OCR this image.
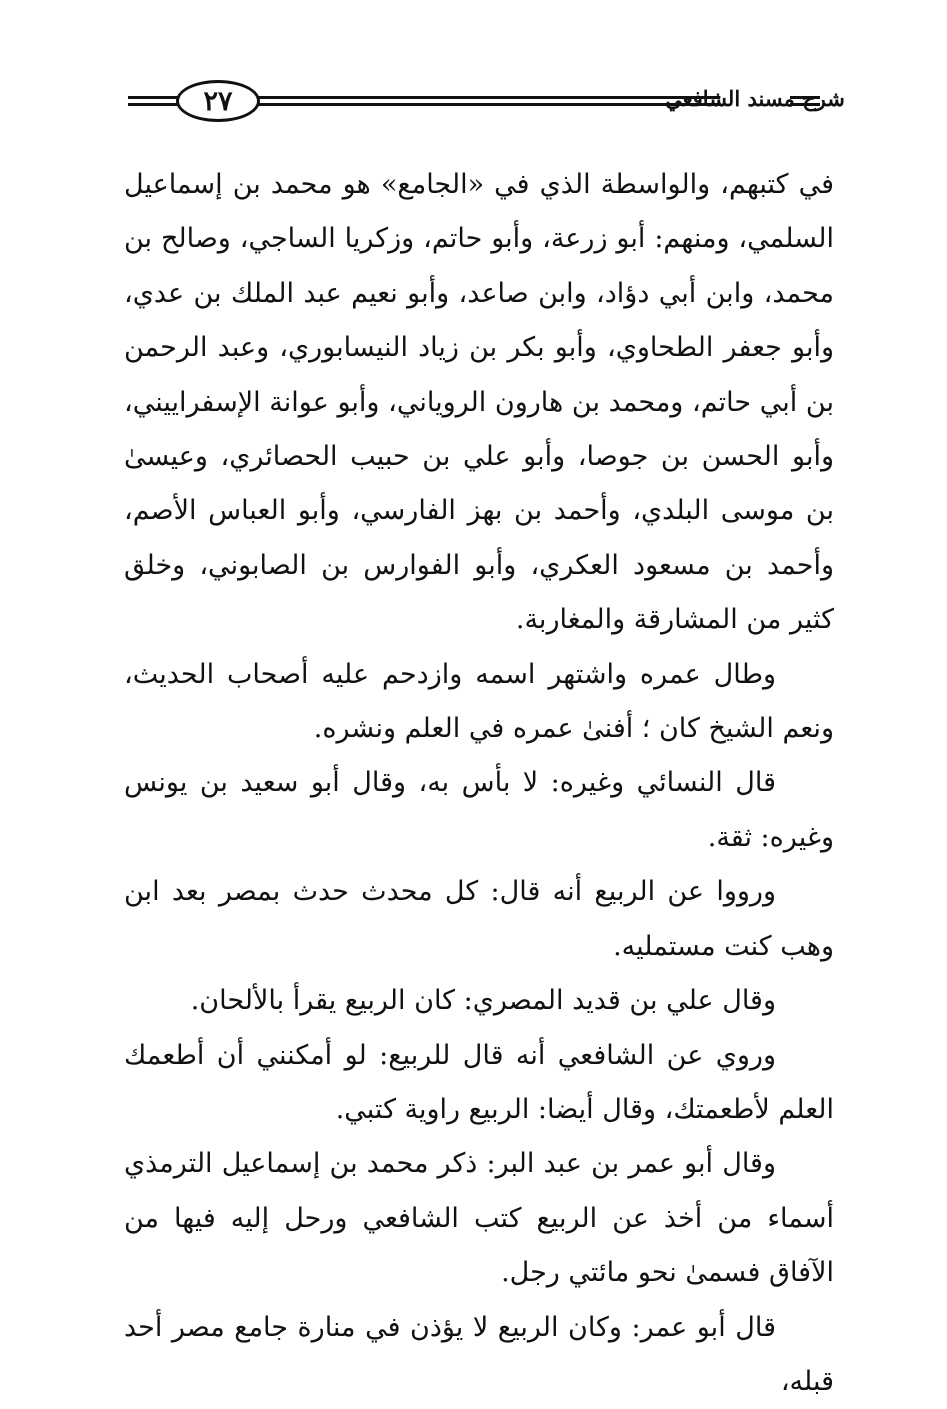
٢٧	شرح مسند الشافعي

في كتبهم، والواسطة الذي في «الجامع» هو محمد بن إسماعيل السلمي، ومنهم: أبو زرعة، وأبو حاتم، وزكريا الساجي، وصالح بن محمد، وابن أبي دؤاد، وابن صاعد، وأبو نعيم عبد الملك بن عدي، وأبو جعفر الطحاوي، وأبو بكر بن زياد النيسابوري، وعبد الرحمن بن أبي حاتم، ومحمد بن هارون الروياني، وأبو عوانة الإسفراييني، وأبو الحسن بن جوصا، وأبو علي بن حبيب الحصائري، وعيسىٰ بن موسى البلدي، وأحمد بن بهز الفارسي، وأبو العباس الأصم، وأحمد بن مسعود العكري، وأبو الفوارس بن الصابوني، وخلق كثير من المشارقة والمغاربة.

وطال عمره واشتهر اسمه وازدحم عليه أصحاب الحديث، ونعم الشيخ كان ؛ أفنىٰ عمره في العلم ونشره.

قال النسائي وغيره: لا بأس به، وقال أبو سعيد بن يونس وغيره: ثقة.

ورووا عن الربيع أنه قال: كل محدث حدث بمصر بعد ابن وهب كنت مستمليه.

وقال علي بن قديد المصري: كان الربيع يقرأ بالألحان.

وروي عن الشافعي أنه قال للربيع: لو أمكنني أن أطعمك العلم لأطعمتك، وقال أيضا: الربيع راوية كتبي.

وقال أبو عمر بن عبد البر: ذكر محمد بن إسماعيل الترمذي أسماء من أخذ عن الربيع كتب الشافعي ورحل إليه فيها من الآفاق فسمىٰ نحو مائتي رجل.

قال أبو عمر: وكان الربيع لا يؤذن في منارة جامع مصر أحد قبله،
